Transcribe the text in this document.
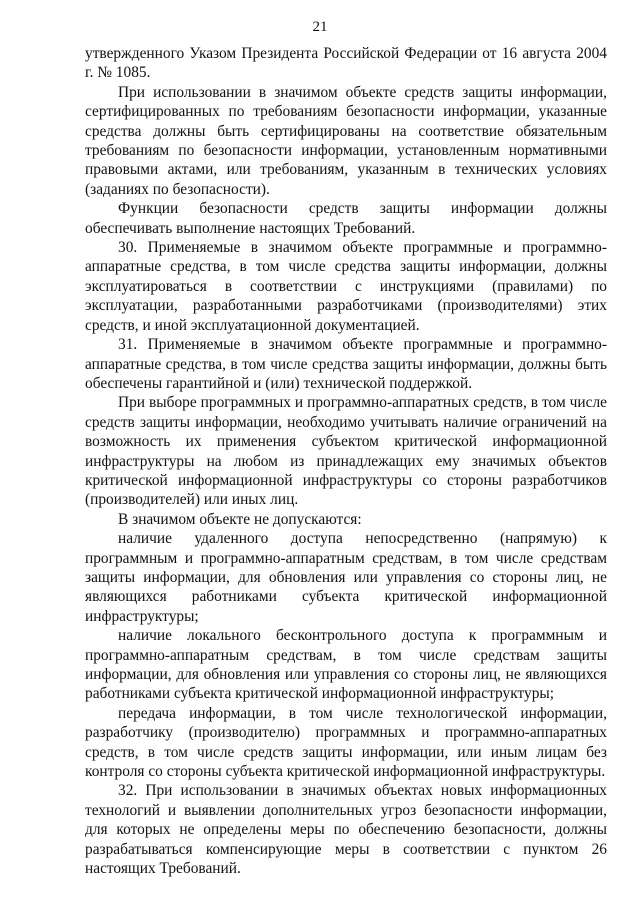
21

утвержденного Указом Президента Российской Федерации от 16 августа 2004 г. № 1085.

При использовании в значимом объекте средств защиты информации, сертифицированных по требованиям безопасности информации, указанные средства должны быть сертифицированы на соответствие обязательным требованиям по безопасности информации, установленным нормативными правовыми актами, или требованиям, указанным в технических условиях (заданиях по безопасности).

Функции безопасности средств защиты информации должны обеспечивать выполнение настоящих Требований.

30. Применяемые в значимом объекте программные и программно-аппаратные средства, в том числе средства защиты информации, должны эксплуатироваться в соответствии с инструкциями (правилами) по эксплуатации, разработанными разработчиками (производителями) этих средств, и иной эксплуатационной документацией.

31. Применяемые в значимом объекте программные и программно-аппаратные средства, в том числе средства защиты информации, должны быть обеспечены гарантийной и (или) технической поддержкой.

При выборе программных и программно-аппаратных средств, в том числе средств защиты информации, необходимо учитывать наличие ограничений на возможность их применения субъектом критической информационной инфраструктуры на любом из принадлежащих ему значимых объектов критической информационной инфраструктуры со стороны разработчиков (производителей) или иных лиц.

В значимом объекте не допускаются:

наличие удаленного доступа непосредственно (напрямую) к программным и программно-аппаратным средствам, в том числе средствам защиты информации, для обновления или управления со стороны лиц, не являющихся работниками субъекта критической информационной инфраструктуры;

наличие локального бесконтрольного доступа к программным и программно-аппаратным средствам, в том числе средствам защиты информации, для обновления или управления со стороны лиц, не являющихся работниками субъекта критической информационной инфраструктуры;

передача информации, в том числе технологической информации, разработчику (производителю) программных и программно-аппаратных средств, в том числе средств защиты информации, или иным лицам без контроля со стороны субъекта критической информационной инфраструктуры.

32. При использовании в значимых объектах новых информационных технологий и выявлении дополнительных угроз безопасности информации, для которых не определены меры по обеспечению безопасности, должны разрабатываться компенсирующие меры в соответствии с пунктом 26 настоящих Требований.
